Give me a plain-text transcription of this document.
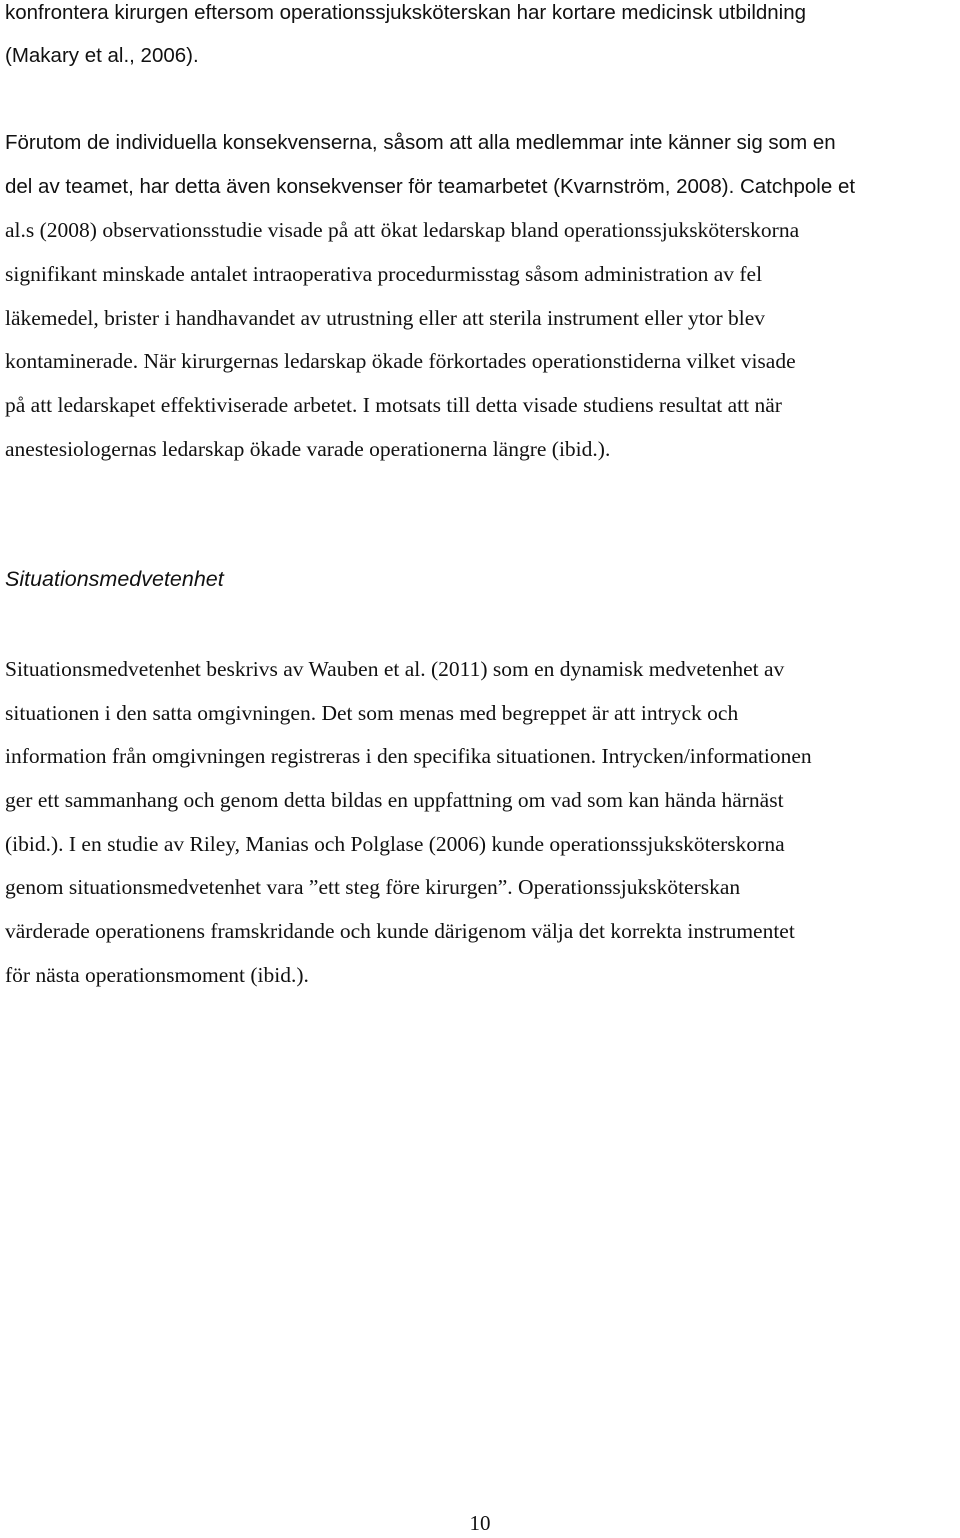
konfrontera kirurgen eftersom operationssjuksköterskan har kortare medicinsk utbildning
(Makary et al., 2006).
Förutom de individuella konsekvenserna, såsom att alla medlemmar inte känner sig som en
del av teamet, har detta även konsekvenser för teamarbetet (Kvarnström, 2008). Catchpole et
al.s (2008) observationsstudie visade på att ökat ledarskap bland operationssjuksköterskorna
signifikant minskade antalet intraoperativa procedurmisstag såsom administration av fel
läkemedel, brister i handhavandet av utrustning eller att sterila instrument eller ytor blev
kontaminerade. När kirurgernas ledarskap ökade förkortades operationstiderna vilket visade
på att ledarskapet effektiviserade arbetet. I motsats till detta visade studiens resultat att när
anestesiologernas ledarskap ökade varade operationerna längre (ibid.).
Situationsmedvetenhet
Situationsmedvetenhet beskrivs av Wauben et al. (2011) som en dynamisk medvetenhet av
situationen i den satta omgivningen. Det som menas med begreppet är att intryck och
information från omgivningen registreras i den specifika situationen. Intrycken/informationen
ger ett sammanhang och genom detta bildas en uppfattning om vad som kan hända härnäst
(ibid.). I en studie av Riley, Manias och Polglase (2006) kunde operationssjuksköterskorna
genom situationsmedvetenhet vara ”ett steg före kirurgen”. Operationssjuksköterskan
värderade operationens framskridande och kunde därigenom välja det korrekta instrumentet
för nästa operationsmoment (ibid.).
10
